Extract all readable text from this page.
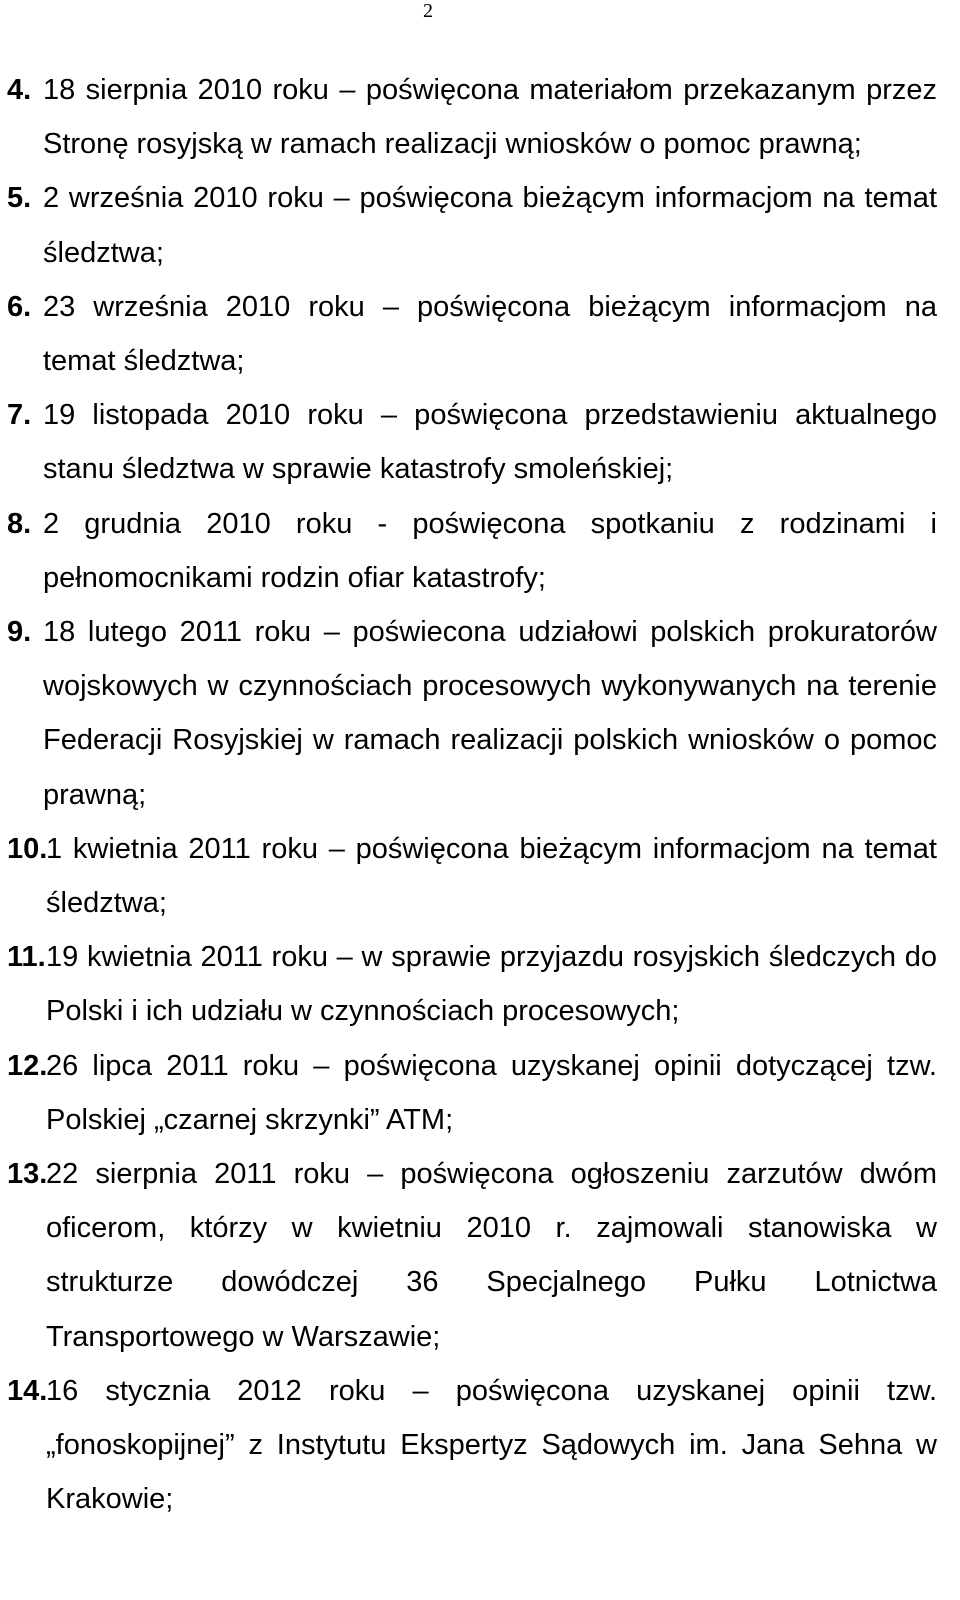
2
4. 18 sierpnia 2010 roku – poświęcona materiałom przekazanym przez Stronę rosyjską w ramach realizacji wniosków o pomoc prawną;
5. 2 września 2010 roku – poświęcona bieżącym informacjom na temat śledztwa;
6. 23 września 2010 roku – poświęcona bieżącym informacjom na temat śledztwa;
7. 19 listopada 2010 roku – poświęcona przedstawieniu aktualnego stanu śledztwa w sprawie katastrofy smoleńskiej;
8. 2 grudnia 2010 roku - poświęcona spotkaniu z rodzinami i pełnomocnikami rodzin ofiar katastrofy;
9. 18 lutego 2011 roku – poświecona udziałowi polskich prokuratorów wojskowych w czynnościach procesowych wykonywanych na terenie Federacji Rosyjskiej w ramach realizacji polskich wniosków o pomoc prawną;
10.
1 kwietnia 2011 roku – poświęcona bieżącym informacjom na temat śledztwa;
11. 19 kwietnia 2011 roku – w sprawie przyjazdu rosyjskich śledczych do Polski i ich udziału w czynnościach procesowych;
12.
26 lipca 2011 roku – poświęcona uzyskanej opinii dotyczącej tzw. Polskiej „czarnej skrzynki” ATM;
13.
22 sierpnia 2011 roku – poświęcona ogłoszeniu zarzutów dwóm oficerom, którzy w kwietniu 2010 r. zajmowali stanowiska w strukturze dowódczej 36 Specjalnego Pułku Lotnictwa Transportowego w Warszawie;
14.
16 stycznia 2012 roku – poświęcona uzyskanej opinii tzw. „fonoskopijnej” z Instytutu Ekspertyz Sądowych im. Jana Sehna w Krakowie;
